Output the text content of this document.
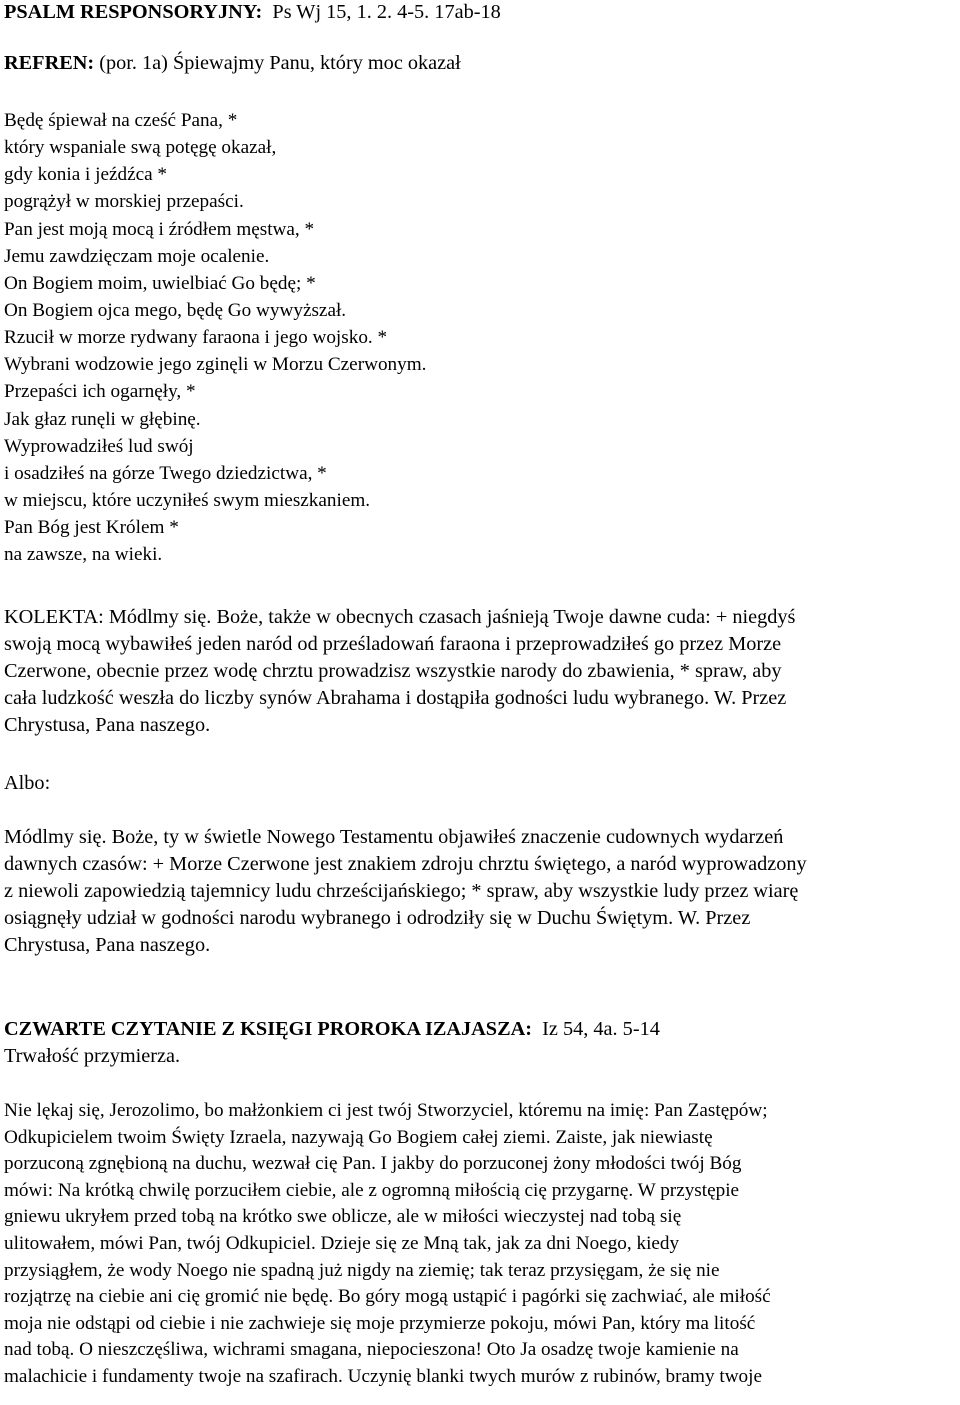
PSALM RESPONSORYJNY: Ps Wj 15, 1. 2. 4-5. 17ab-18
REFREN: (por. 1a) Śpiewajmy Panu, który moc okazał
Będę śpiewał na cześć Pana, *
który wspaniale swą potęgę okazał,
gdy konia i jeźdźca *
pogrążył w morskiej przepaści.
Pan jest moją mocą i źródłem męstwa, *
Jemu zawdzięczam moje ocalenie.
On Bogiem moim, uwielbiać Go będę; *
On Bogiem ojca mego, będę Go wywyższał.
Rzucił w morze rydwany faraona i jego wojsko. *
Wybrani wodzowie jego zginęli w Morzu Czerwonym.
Przepaści ich ogarnęły, *
Jak głaz runęli w głębinę.
Wyprowadziłeś lud swój
i osadziłeś na górze Twego dziedzictwa, *
w miejscu, które uczyniłeś swym mieszkaniem.
Pan Bóg jest Królem *
na zawsze, na wieki.
KOLEKTA: Módlmy się. Boże, także w obecnych czasach jaśnieją Twoje dawne cuda: + niegdyś
swoją mocą wybawiłeś jeden naród od prześladowań faraona i przeprowadziłeś go przez Morze
Czerwone, obecnie przez wodę chrztu prowadzisz wszystkie narody do zbawienia, * spraw, aby
cała ludzkość weszła do liczby synów Abrahama i dostąpiła godności ludu wybranego. W. Przez
Chrystusa, Pana naszego.
Albo:
Módlmy się. Boże, ty w świetle Nowego Testamentu objawiłeś znaczenie cudownych wydarzeń
dawnych czasów: + Morze Czerwone jest znakiem zdroju chrztu świętego, a naród wyprowadzony
z niewoli zapowiedzią tajemnicy ludu chrześcijańskiego; * spraw, aby wszystkie ludy przez wiarę
osiągnęły udział w godności narodu wybranego i odrodziły się w Duchu Świętym. W. Przez
Chrystusa, Pana naszego.
CZWARTE CZYTANIE Z KSIĘGI PROROKA IZAJASZA: Iz 54, 4a. 5-14
Trwałość przymierza.
Nie lękaj się, Jerozolimo, bo małżonkiem ci jest twój Stworzyciel, któremu na imię: Pan Zastępów;
Odkupicielem twoim Święty Izraela, nazywają Go Bogiem całej ziemi. Zaiste, jak niewiastę
porzuconą zgnębioną na duchu, wezwał cię Pan. I jakby do porzuconej żony młodości twój Bóg
mówi: Na krótką chwilę porzuciłem ciebie, ale z ogromną miłością cię przygarnę. W przystępie
gniewu ukryłem przed tobą na krótko swe oblicze, ale w miłości wieczystej nad tobą się
ulitowałem, mówi Pan, twój Odkupiciel. Dzieje się ze Mną tak, jak za dni Noego, kiedy
przysiągłem, że wody Noego nie spadną już nigdy na ziemię; tak teraz przysięgam, że się nie
rozjątrzę na ciebie ani cię gromić nie będę. Bo góry mogą ustąpić i pagórki się zachwiać, ale miłość
moja nie odstąpi od ciebie i nie zachwieje się moje przymierze pokoju, mówi Pan, który ma litość
nad tobą. O nieszczęśliwa, wichrami smagana, niepocieszona! Oto Ja osadzę twoje kamienie na
malachicie i fundamenty twoje na szafirach. Uczynię blanki twych murów z rubinów, bramy twoje
